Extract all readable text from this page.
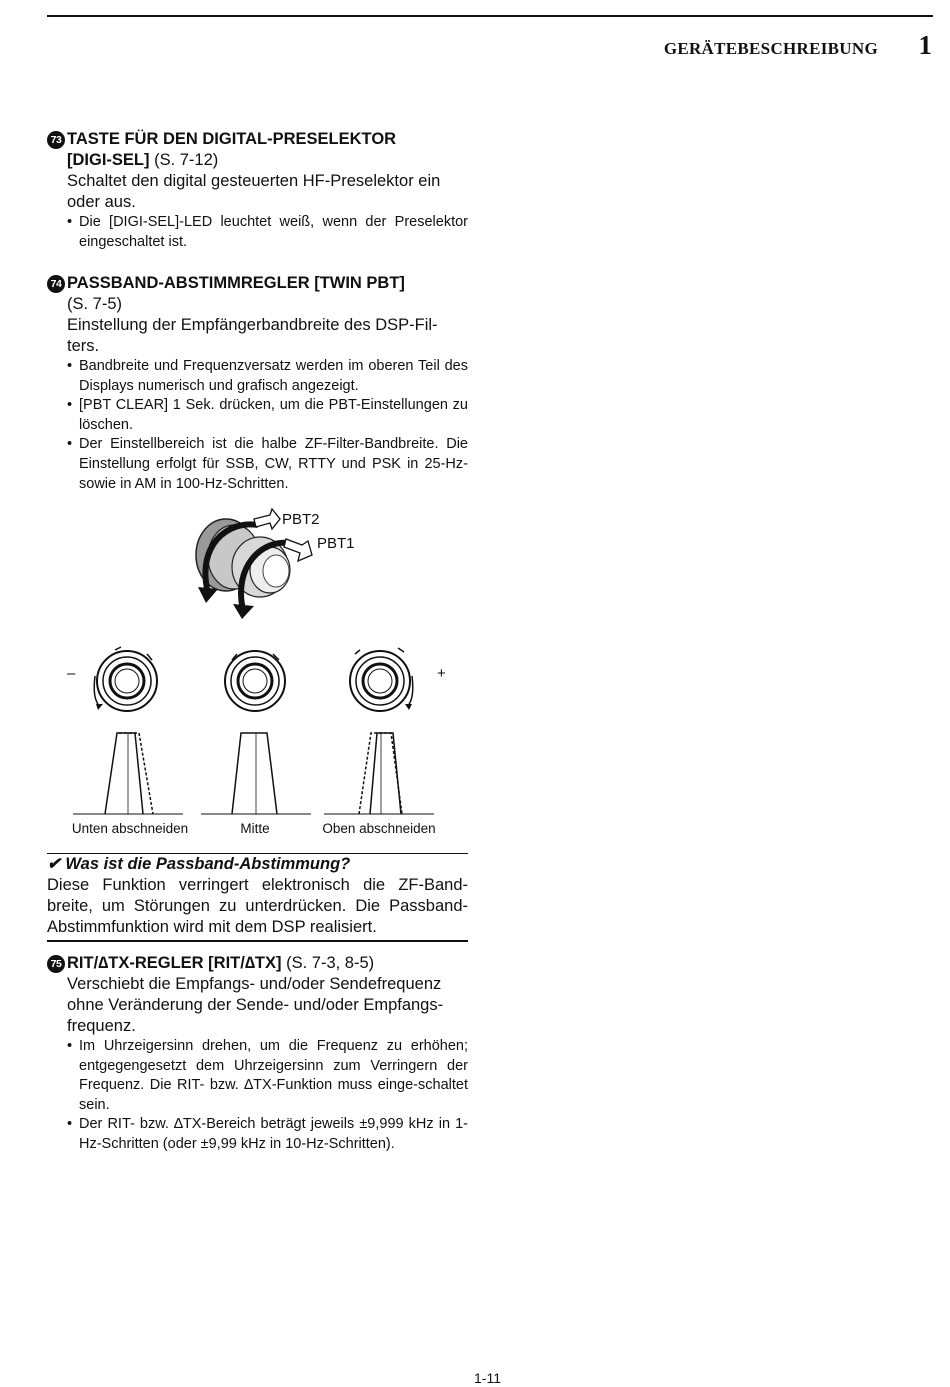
GERÄTEBESCHREIBUNG 1
73 TASTE FÜR DEN DIGITAL-PRESELEKTOR
[DIGI-SEL] (S. 7-12)
Schaltet den digital gesteuerten HF-Preselektor ein oder aus.
• Die [DIGI-SEL]-LED leuchtet weiß, wenn der Preselektor eingeschaltet ist.
74 PASSBAND-ABSTIMMREGLER [TWIN PBT]
(S. 7-5)
Einstellung der Empfängerbandbreite des DSP-Fil-ters.
• Bandbreite und Frequenzversatz werden im oberen Teil des Displays numerisch und grafisch angezeigt.
• [PBT CLEAR] 1 Sek. drücken, um die PBT-Einstellungen zu löschen.
• Der Einstellbereich ist die halbe ZF-Filter-Bandbreite. Die Einstellung erfolgt für SSB, CW, RTTY und PSK in 25-Hz- sowie in AM in 100-Hz-Schritten.
PBT2
PBT1
–	+
Unten abschneiden	Mitte	Oben abschneiden
✔ Was ist die Passband-Abstimmung?
Diese Funktion verringert elektronisch die ZF-Band-breite, um Störungen zu unterdrücken. Die Passband-Abstimmfunktion wird mit dem DSP realisiert.
75 RIT/∆TX-REGLER [RIT/∆TX] (S. 7-3, 8-5)
Verschiebt die Empfangs- und/oder Sendefrequenz ohne Veränderung der Sende- und/oder Empfangs-frequenz.
• Im Uhrzeigersinn drehen, um die Frequenz zu erhöhen; entgegengesetzt dem Uhrzeigersinn zum Verringern der Frequenz. Die RIT- bzw. ∆TX-Funktion muss einge-schaltet sein.
• Der RIT- bzw. ∆TX-Bereich beträgt jeweils ±9,999 kHz in 1-Hz-Schritten (oder ±9,99 kHz in 10-Hz-Schritten).
1-11
